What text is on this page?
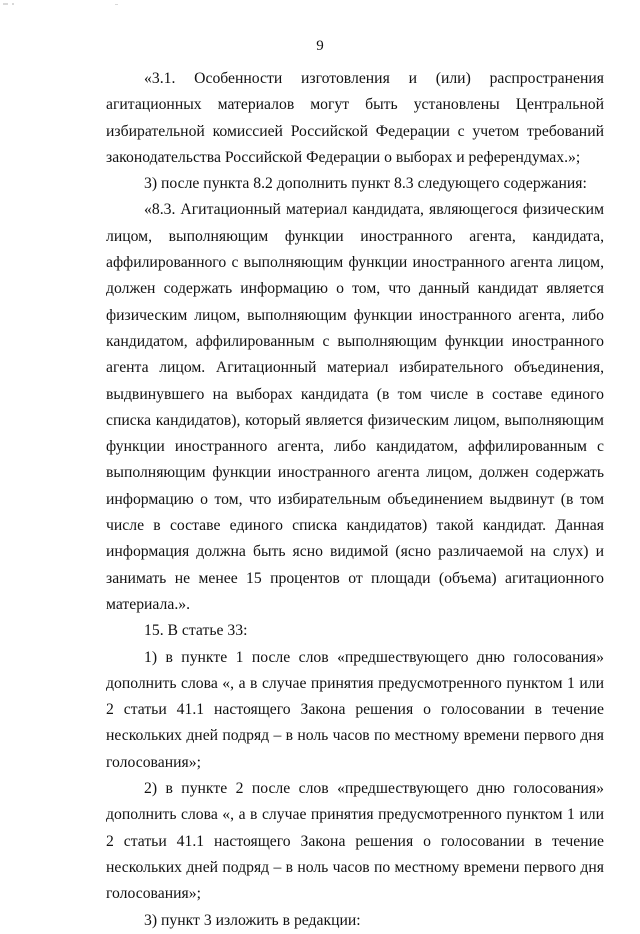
9

«3.1. Особенности изготовления и (или) распространения агитационных материалов могут быть установлены Центральной избирательной комиссией Российской Федерации с учетом требований законодательства Российской Федерации о выборах и референдумах.»;

3) после пункта 8.2 дополнить пункт 8.3 следующего содержания:

«8.3. Агитационный материал кандидата, являющегося физическим лицом, выполняющим функции иностранного агента, кандидата, аффилированного с выполняющим функции иностранного агента лицом, должен содержать информацию о том, что данный кандидат является физическим лицом, выполняющим функции иностранного агента, либо кандидатом, аффилированным с выполняющим функции иностранного агента лицом. Агитационный материал избирательного объединения, выдвинувшего на выборах кандидата (в том числе в составе единого списка кандидатов), который является физическим лицом, выполняющим функции иностранного агента, либо кандидатом, аффилированным с выполняющим функции иностранного агента лицом, должен содержать информацию о том, что избирательным объединением выдвинут (в том числе в составе единого списка кандидатов) такой кандидат. Данная информация должна быть ясно видимой (ясно различаемой на слух) и занимать не менее 15 процентов от площади (объема) агитационного материала.».

15. В статье 33:

1) в пункте 1 после слов «предшествующего дню голосования» дополнить слова «, а в случае принятия предусмотренного пунктом 1 или 2 статьи 41.1 настоящего Закона решения о голосовании в течение нескольких дней подряд – в ноль часов по местному времени первого дня голосования»;

2) в пункте 2 после слов «предшествующего дню голосования» дополнить слова «, а в случае принятия предусмотренного пунктом 1 или 2 статьи 41.1 настоящего Закона решения о голосовании в течение нескольких дней подряд – в ноль часов по местному времени первого дня голосования»;

3) пункт 3 изложить в редакции:
